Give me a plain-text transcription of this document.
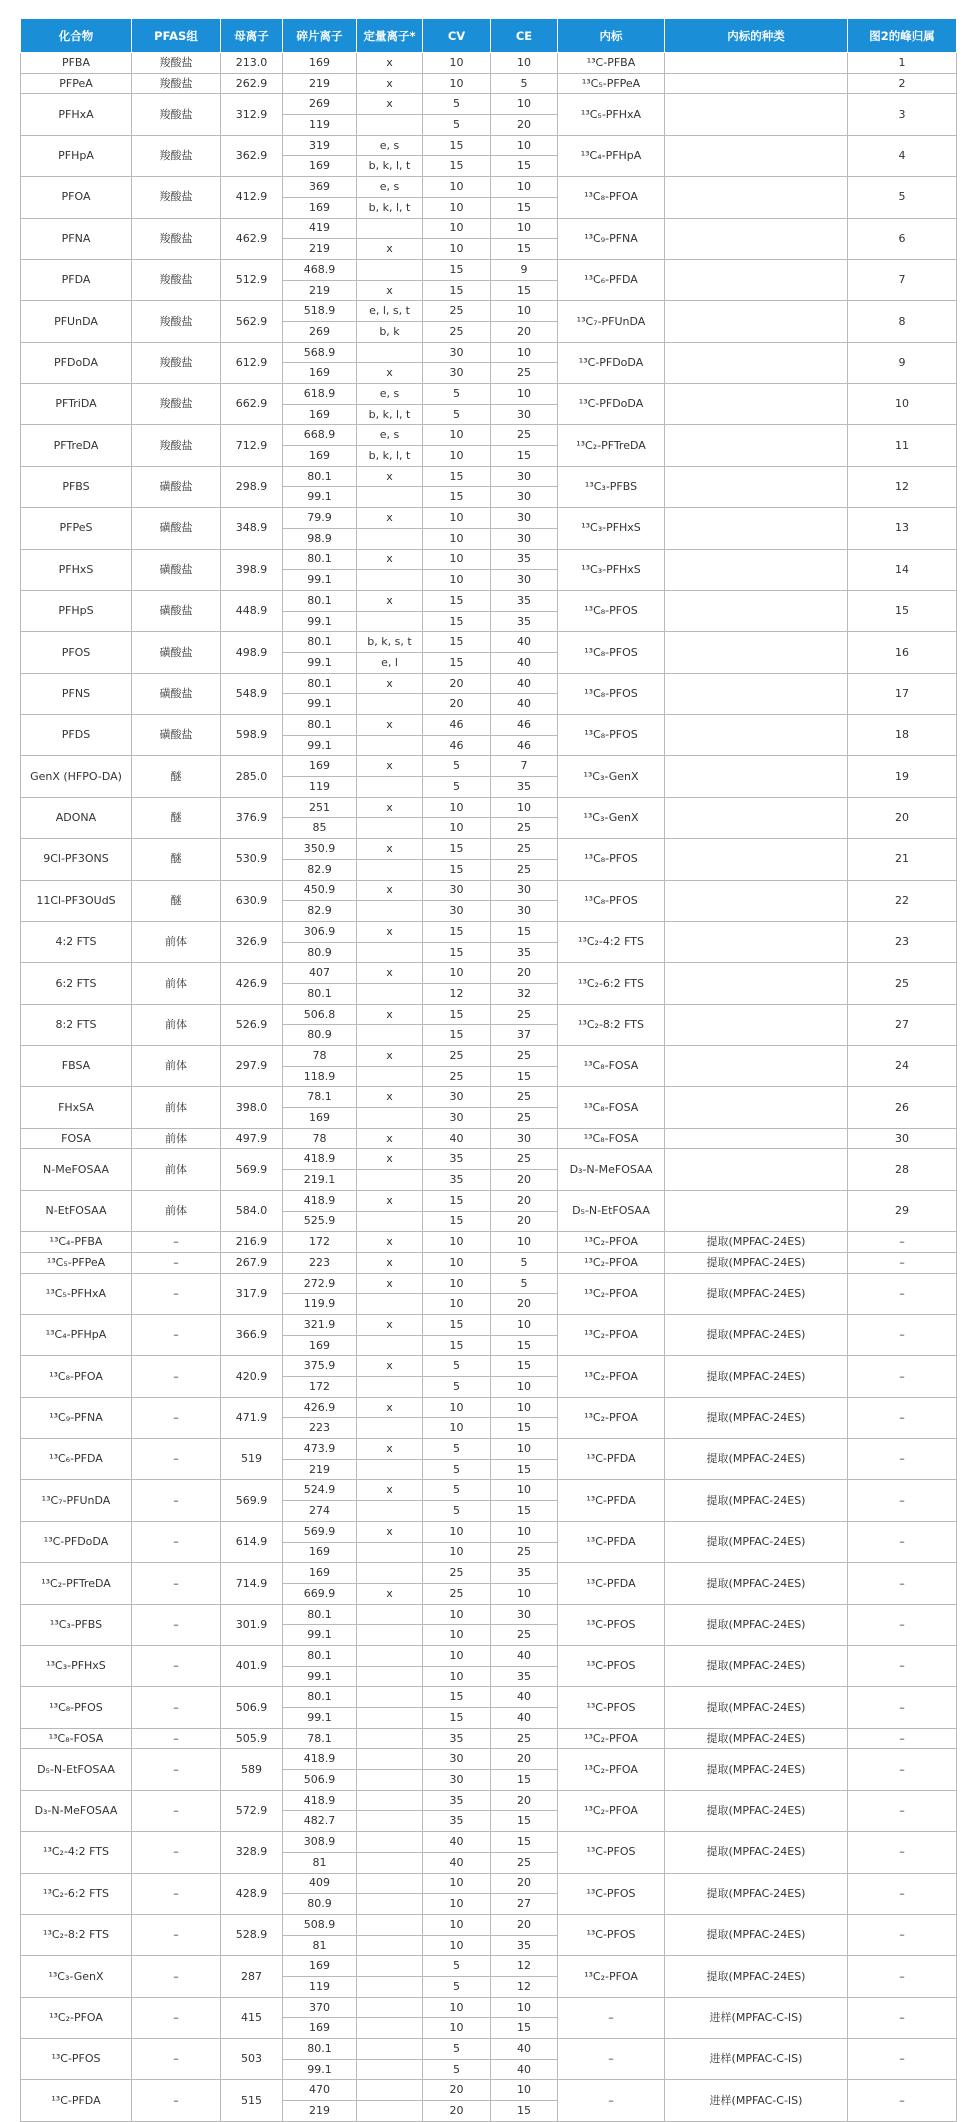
化合物	PFAS组	母离子	碎片离子	定量离子*	CV	CE	内标	内标的种类	图2的峰归属
PFBA	羧酸盐	213.0	169	x	10	10	¹³C-PFBA		1
PFPeA	羧酸盐	262.9	219	x	10	5	¹³C₅-PFPeA		2
PFHxA	羧酸盐	312.9	269	x	5	10	¹³C₅-PFHxA		3
			119		5	20			
PFHpA	羧酸盐	362.9	319	e, s	15	10	¹³C₄-PFHpA		4
			169	b, k, l, t	15	15			
PFOA	羧酸盐	412.9	369	e, s	10	10	¹³C₈-PFOA		5
			169	b, k, l, t	10	15			
PFNA	羧酸盐	462.9	419		10	10	¹³C₉-PFNA		6
			219	x	10	15			
PFDA	羧酸盐	512.9	468.9		15	9	¹³C₆-PFDA		7
			219	x	15	15			
PFUnDA	羧酸盐	562.9	518.9	e, l, s, t	25	10	¹³C₇-PFUnDA		8
			269	b, k	25	20			
PFDoDA	羧酸盐	612.9	568.9		30	10	¹³C-PFDoDA		9
			169	x	30	25			
PFTriDA	羧酸盐	662.9	618.9	e, s	5	10	¹³C-PFDoDA		10
			169	b, k, l, t	5	30			
PFTreDA	羧酸盐	712.9	668.9	e, s	10	25	¹³C₂-PFTreDA		11
			169	b, k, l, t	10	15			
PFBS	磺酸盐	298.9	80.1	x	15	30	¹³C₃-PFBS		12
			99.1		15	30			
PFPeS	磺酸盐	348.9	79.9	x	10	30	¹³C₃-PFHxS		13
			98.9		10	30			
PFHxS	磺酸盐	398.9	80.1	x	10	35	¹³C₃-PFHxS		14
			99.1		10	30			
PFHpS	磺酸盐	448.9	80.1	x	15	35	¹³C₈-PFOS		15
			99.1		15	35			
PFOS	磺酸盐	498.9	80.1	b, k, s, t	15	40	¹³C₈-PFOS		16
			99.1	e, l	15	40			
PFNS	磺酸盐	548.9	80.1	x	20	40	¹³C₈-PFOS		17
			99.1		20	40			
PFDS	磺酸盐	598.9	80.1	x	46	46	¹³C₈-PFOS		18
			99.1		46	46			
GenX (HFPO-DA)	醚	285.0	169	x	5	7	¹³C₃-GenX		19
			119		5	35			
ADONA	醚	376.9	251	x	10	10	¹³C₃-GenX		20
			85		10	25			
9Cl-PF3ONS	醚	530.9	350.9	x	15	25	¹³C₈-PFOS		21
			82.9		15	25			
11Cl-PF3OUdS	醚	630.9	450.9	x	30	30	¹³C₈-PFOS		22
			82.9		30	30			
4:2 FTS	前体	326.9	306.9	x	15	15	¹³C₂-4:2 FTS		23
			80.9		15	35			
6:2 FTS	前体	426.9	407	x	10	20	¹³C₂-6:2 FTS		25
			80.1		12	32			
8:2 FTS	前体	526.9	506.8	x	15	25	¹³C₂-8:2 FTS		27
			80.9		15	37			
FBSA	前体	297.9	78	x	25	25	¹³C₈-FOSA		24
			118.9		25	15			
FHxSA	前体	398.0	78.1	x	30	25	¹³C₈-FOSA		26
			169		30	25			
FOSA	前体	497.9	78	x	40	30	¹³C₈-FOSA		30
N-MeFOSAA	前体	569.9	418.9	x	35	25	D₃-N-MeFOSAA		28
			219.1		35	20			
N-EtFOSAA	前体	584.0	418.9	x	15	20	D₅-N-EtFOSAA		29
			525.9		15	20			
¹³C₄-PFBA	–	216.9	172	x	10	10	¹³C₂-PFOA	提取(MPFAC-24ES)	–
¹³C₅-PFPeA	–	267.9	223	x	10	5	¹³C₂-PFOA	提取(MPFAC-24ES)	–
¹³C₅-PFHxA	–	317.9	272.9	x	10	5	¹³C₂-PFOA	提取(MPFAC-24ES)	–
			119.9		10	20			
¹³C₄-PFHpA	–	366.9	321.9	x	15	10	¹³C₂-PFOA	提取(MPFAC-24ES)	–
			169		15	15			
¹³C₈-PFOA	–	420.9	375.9	x	5	15	¹³C₂-PFOA	提取(MPFAC-24ES)	–
			172		5	10			
¹³C₉-PFNA	–	471.9	426.9	x	10	10	¹³C₂-PFOA	提取(MPFAC-24ES)	–
			223		10	15			
¹³C₆-PFDA	–	519	473.9	x	5	10	¹³C-PFDA	提取(MPFAC-24ES)	–
			219		5	15			
¹³C₇-PFUnDA	–	569.9	524.9	x	5	10	¹³C-PFDA	提取(MPFAC-24ES)	–
			274		5	15			
¹³C-PFDoDA	–	614.9	569.9	x	10	10	¹³C-PFDA	提取(MPFAC-24ES)	–
			169		10	25			
¹³C₂-PFTreDA	–	714.9	169		25	35	¹³C-PFDA	提取(MPFAC-24ES)	–
			669.9	x	25	10			
¹³C₃-PFBS	–	301.9	80.1		10	30	¹³C-PFOS	提取(MPFAC-24ES)	–
			99.1		10	25			
¹³C₃-PFHxS	–	401.9	80.1		10	40	¹³C-PFOS	提取(MPFAC-24ES)	–
			99.1		10	35			
¹³C₈-PFOS	–	506.9	80.1		15	40	¹³C-PFOS	提取(MPFAC-24ES)	–
			99.1		15	40			
¹³C₈-FOSA	–	505.9	78.1		35	25	¹³C₂-PFOA	提取(MPFAC-24ES)	–
D₅-N-EtFOSAA	–	589	418.9		30	20	¹³C₂-PFOA	提取(MPFAC-24ES)	–
			506.9		30	15			
D₃-N-MeFOSAA	–	572.9	418.9		35	20	¹³C₂-PFOA	提取(MPFAC-24ES)	–
			482.7		35	15			
¹³C₂-4:2 FTS	–	328.9	308.9		40	15	¹³C-PFOS	提取(MPFAC-24ES)	–
			81		40	25			
¹³C₂-6:2 FTS	–	428.9	409		10	20	¹³C-PFOS	提取(MPFAC-24ES)	–
			80.9		10	27			
¹³C₂-8:2 FTS	–	528.9	508.9		10	20	¹³C-PFOS	提取(MPFAC-24ES)	–
			81		10	35			
¹³C₃-GenX	–	287	169		5	12	¹³C₂-PFOA	提取(MPFAC-24ES)	–
			119		5	12			
¹³C₂-PFOA	–	415	370		10	10	–	进样(MPFAC-C-IS)	–
			169		10	15			
¹³C-PFOS	–	503	80.1		5	40	–	进样(MPFAC-C-IS)	–
			99.1		5	40			
¹³C-PFDA	–	515	470		20	10	–	进样(MPFAC-C-IS)	–
			219		20	15			
